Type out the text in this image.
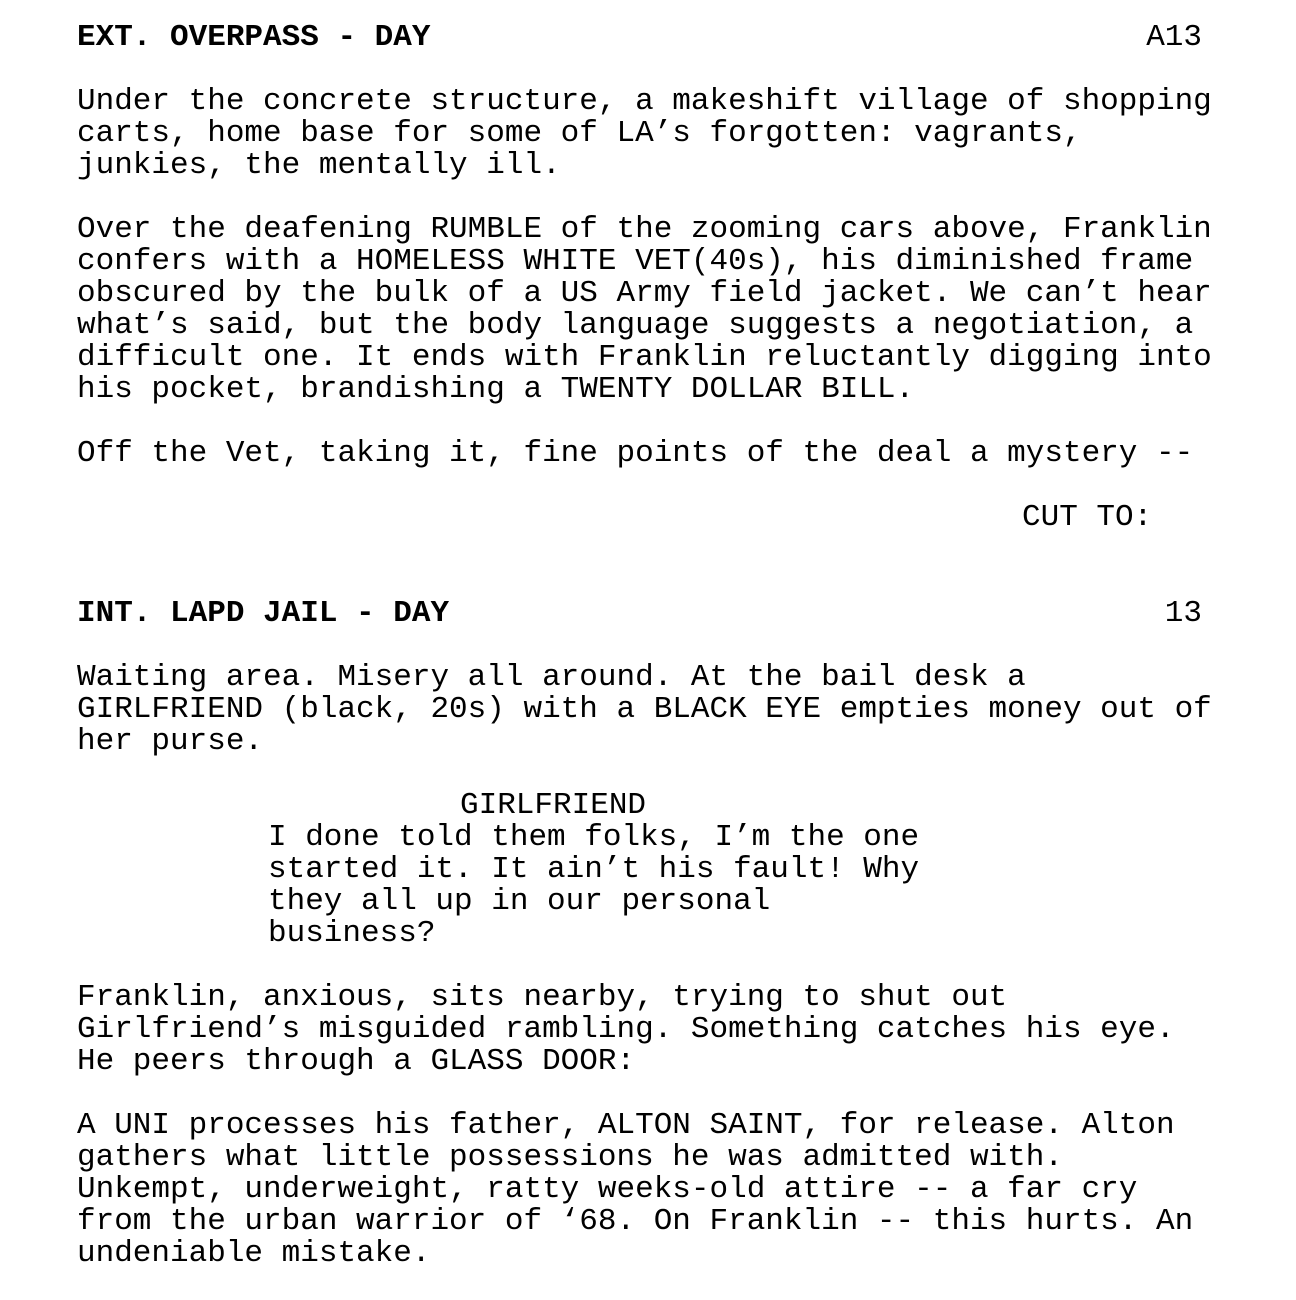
EXT. OVERPASS - DAY	A13
Under the concrete structure, a makeshift village of shopping
carts, home base for some of LA’s forgotten: vagrants,
junkies, the mentally ill.
Over the deafening RUMBLE of the zooming cars above, Franklin
confers with a HOMELESS WHITE VET(40s), his diminished frame
obscured by the bulk of a US Army field jacket. We can’t hear
what’s said, but the body language suggests a negotiation, a
difficult one. It ends with Franklin reluctantly digging into
his pocket, brandishing a TWENTY DOLLAR BILL.
Off the Vet, taking it, fine points of the deal a mystery --
CUT TO:
INT. LAPD JAIL - DAY	13
Waiting area. Misery all around. At the bail desk a
GIRLFRIEND (black, 20s) with a BLACK EYE empties money out of
her purse.
GIRLFRIEND
I done told them folks, I’m the one
started it. It ain’t his fault! Why
they all up in our personal
business?
Franklin, anxious, sits nearby, trying to shut out
Girlfriend’s misguided rambling. Something catches his eye.
He peers through a GLASS DOOR:
A UNI processes his father, ALTON SAINT, for release. Alton
gathers what little possessions he was admitted with.
Unkempt, underweight, ratty weeks-old attire -- a far cry
from the urban warrior of ‘68. On Franklin -- this hurts. An
undeniable mistake.
